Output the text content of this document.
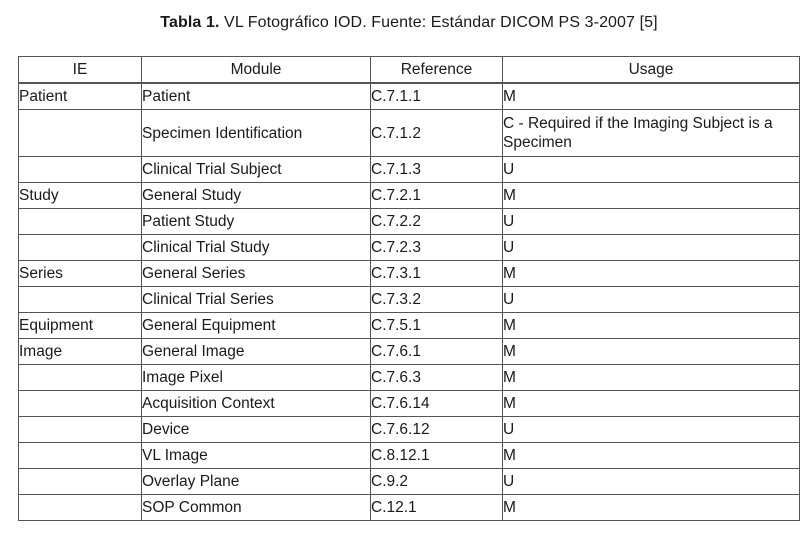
Tabla 1. VL Fotográfico IOD. Fuente: Estándar DICOM PS 3-2007 [5]
IE	Module	Reference	Usage
Patient	Patient	C.7.1.1	M
	Specimen Identification	C.7.1.2	C - Required if the Imaging Subject is a Specimen
	Clinical Trial Subject	C.7.1.3	U
Study	General Study	C.7.2.1	M
	Patient Study	C.7.2.2	U
	Clinical Trial Study	C.7.2.3	U
Series	General Series	C.7.3.1	M
	Clinical Trial Series	C.7.3.2	U
Equipment	General Equipment	C.7.5.1	M
Image	General Image	C.7.6.1	M
	Image Pixel	C.7.6.3	M
	Acquisition Context	C.7.6.14	M
	Device	C.7.6.12	U
	VL Image	C.8.12.1	M
	Overlay Plane	C.9.2	U
	SOP Common	C.12.1	M
